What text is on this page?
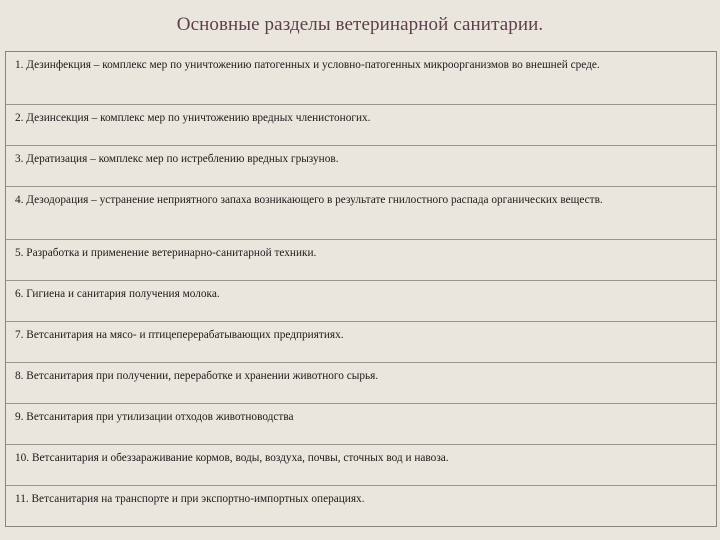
Основные разделы ветеринарной санитарии.
1. Дезинфекция – комплекс мер по уничтожению патогенных и условно-патогенных микроорганизмов во внешней среде.
2. Дезинсекция – комплекс мер по уничтожению вредных членистоногих.
3. Дератизация – комплекс мер по истреблению вредных грызунов.
4. Дезодорация – устранение неприятного запаха возникающего в результате гнилостного распада органических веществ.
5. Разработка и применение ветеринарно-санитарной техники.
6. Гигиена и санитария получения молока.
7. Ветсанитария на мясо- и птицеперерабатывающих предприятиях.
8. Ветсанитария при получении, переработке и хранении животного сырья.
9. Ветсанитария при утилизации отходов животноводства
10. Ветсанитария и обеззараживание кормов, воды, воздуха, почвы, сточных вод и навоза.
11. Ветсанитария на транспорте и при экспортно-импортных операциях.
